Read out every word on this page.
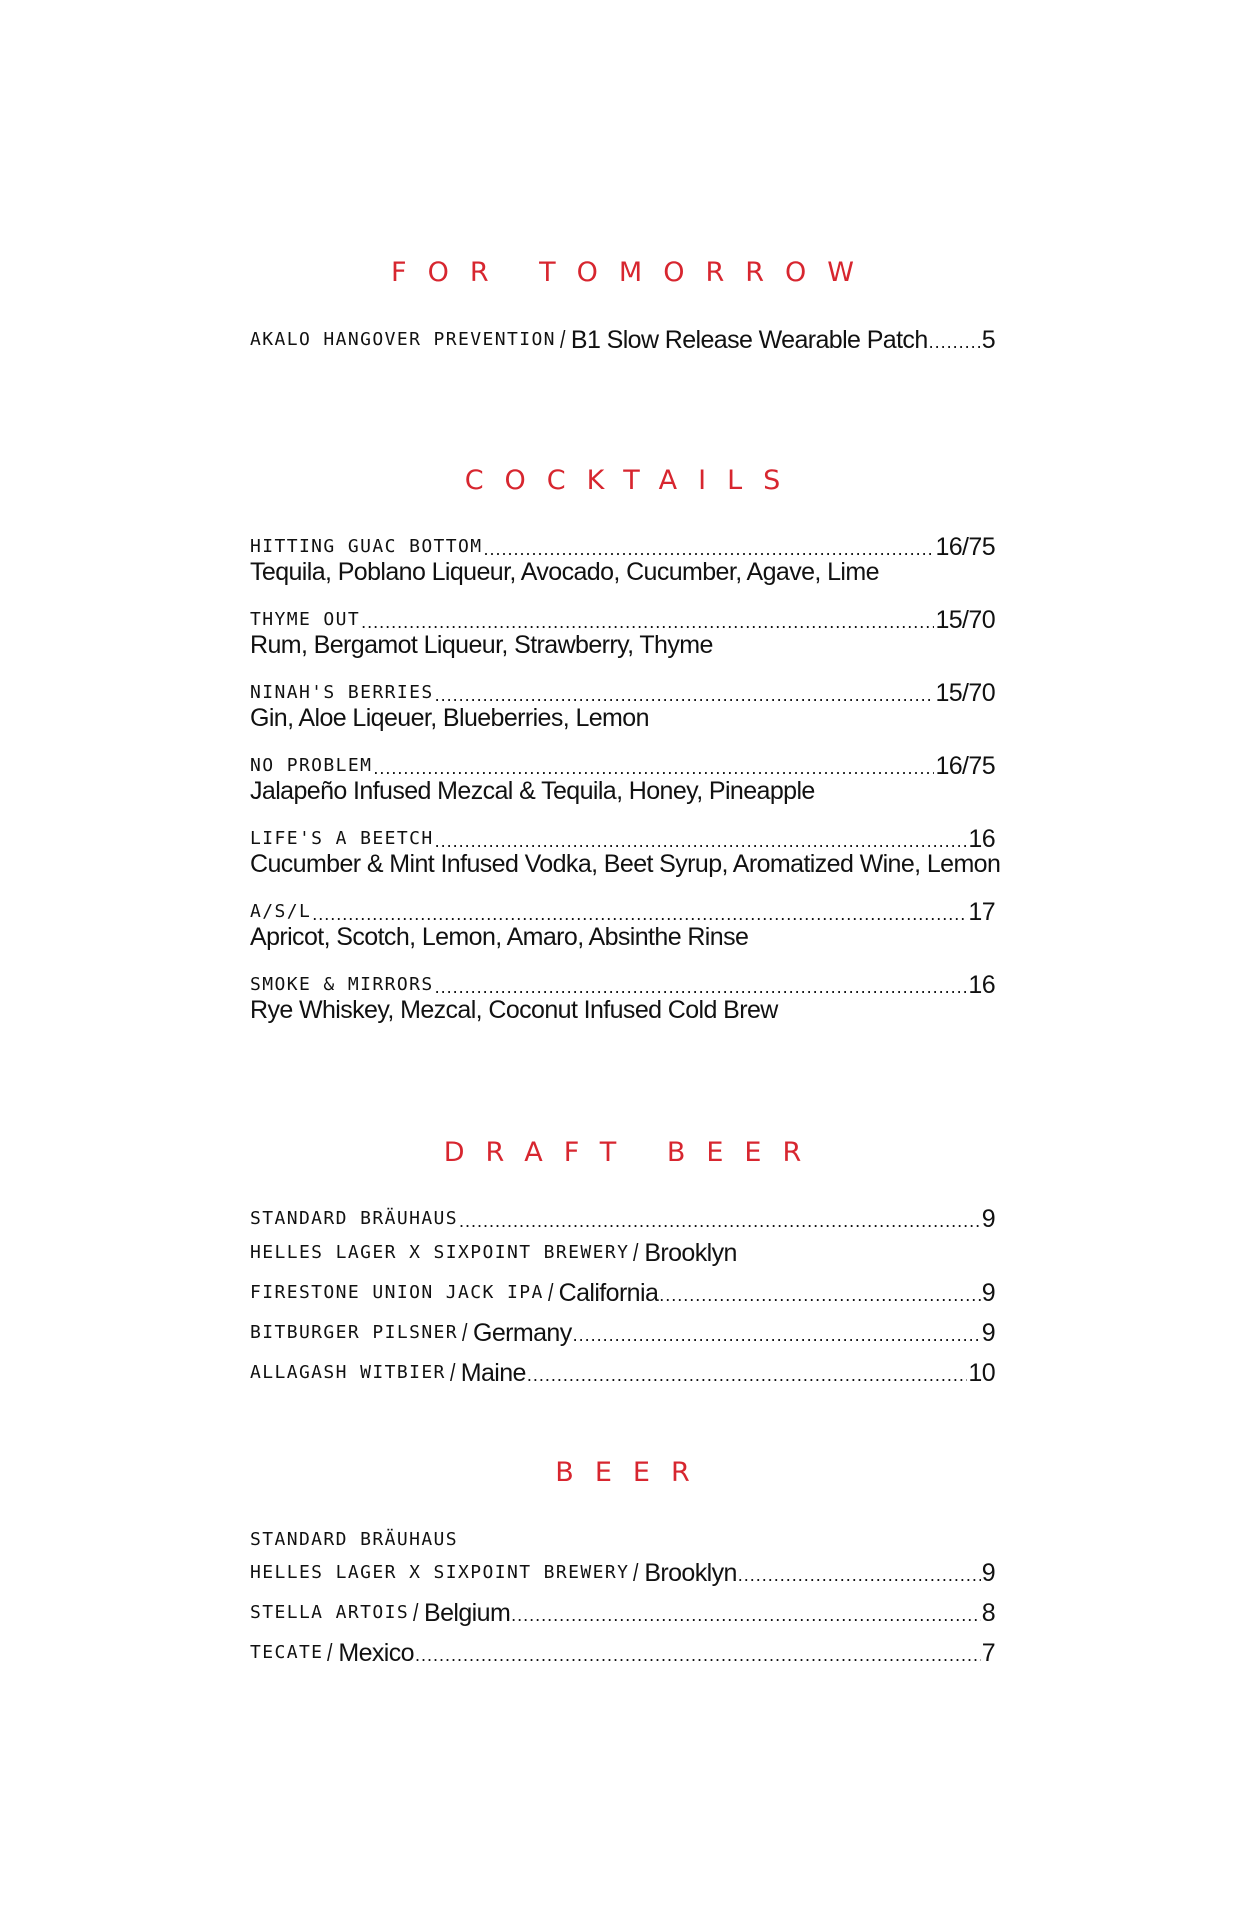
FOR TOMORROW
AKALO HANGOVER PREVENTION / B1 Slow Release Wearable Patch ..... 5
COCKTAILS
HITTING GUAC BOTTOM .....	16/75
Tequila, Poblano Liqueur, Avocado, Cucumber, Agave, Lime
THYME OUT .....	15/70
Rum, Bergamot Liqueur, Strawberry, Thyme
NINAH'S BERRIES .....	15/70
Gin, Aloe Liqeuer, Blueberries, Lemon
NO PROBLEM .....	16/75
Jalapeño Infused Mezcal & Tequila, Honey, Pineapple
LIFE'S A BEETCH .....	16
Cucumber & Mint Infused Vodka, Beet Syrup, Aromatized Wine, Lemon
A/S/L .....	17
Apricot, Scotch, Lemon, Amaro, Absinthe Rinse
SMOKE & MIRRORS .....	16
Rye Whiskey, Mezcal, Coconut Infused Cold Brew
DRAFT BEER
STANDARD BRÄUHAUS .....	9
HELLES LAGER X SIXPOINT BREWERY / Brooklyn
FIRESTONE UNION JACK IPA / California .....	9
BITBURGER PILSNER / Germany .....	9
ALLAGASH WITBIER / Maine .....	10
BEER
STANDARD BRÄUHAUS
HELLES LAGER X SIXPOINT BREWERY / Brooklyn .....	9
STELLA ARTOIS / Belgium .....	8
TECATE / Mexico .....	7
